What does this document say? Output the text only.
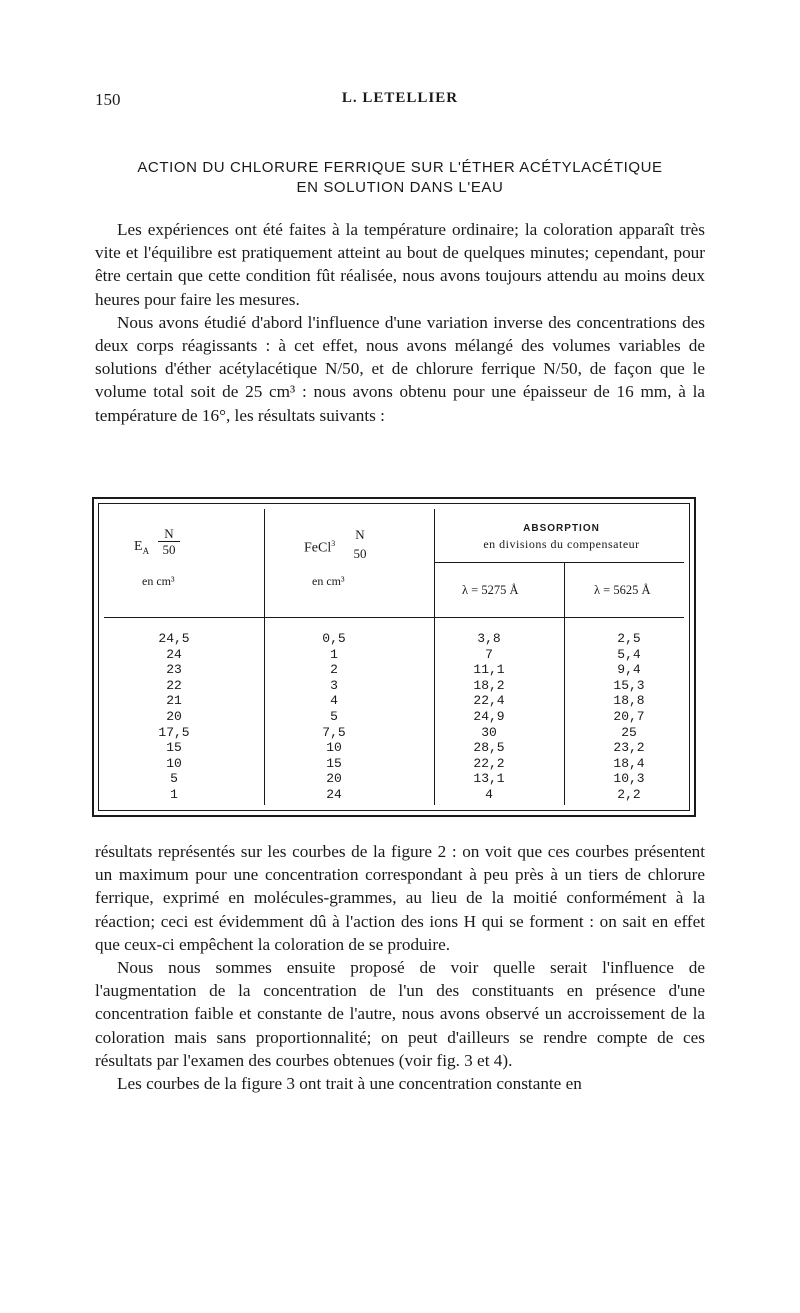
150	L. LETELLIER
ACTION DU CHLORURE FERRIQUE SUR L'ÉTHER ACÉTYLACÉTIQUE
EN SOLUTION DANS L'EAU

Les expériences ont été faites à la température ordinaire; la coloration apparaît très vite et l'équilibre est pratiquement atteint au bout de quelques minutes; cependant, pour être certain que cette condition fût réalisée, nous avons toujours attendu au moins deux heures pour faire les mesures.

Nous avons étudié d'abord l'influence d'une variation inverse des concentrations des deux corps réagissants : à cet effet, nous avons mélangé des volumes variables de solutions d'éther acétylacétique N/50, et de chlorure ferrique N/50, de façon que le volume total soit de 25 cm³ : nous avons obtenu pour une épaisseur de 16 mm, à la température de 16°, les résultats suivants :

$E_A$
N
50
en cm³
FeCl$^3$
N
50
en cm³
ABSORPTION
en divisions du compensateur
λ = 5275 Å	λ = 5625 Å
24,5
24
23
22
21
20
17,5
15
10
5
1
0,5
1
2
3
4
5
7,5
10
15
20
24
3,8
7
11,1
18,2
22,4
24,9
30
28,5
22,2
13,1
4
2,5
5,4
9,4
15,3
18,8
20,7
25
23,2
18,4
10,3
2,2

résultats représentés sur les courbes de la figure 2 : on voit que ces courbes présentent un maximum pour une concentration correspondant à peu près à un tiers de chlorure ferrique, exprimé en molécules-grammes, au lieu de la moitié conformément à la réaction; ceci est évidemment dû à l'action des ions H qui se forment : on sait en effet que ceux-ci empêchent la coloration de se produire.

Nous nous sommes ensuite proposé de voir quelle serait l'influence de l'augmentation de la concentration de l'un des constituants en présence d'une concentration faible et constante de l'autre, nous avons observé un accroissement de la coloration mais sans proportionnalité; on peut d'ailleurs se rendre compte de ces résultats par l'examen des courbes obtenues (voir fig. 3 et 4).

Les courbes de la figure 3 ont trait à une concentration constante en
